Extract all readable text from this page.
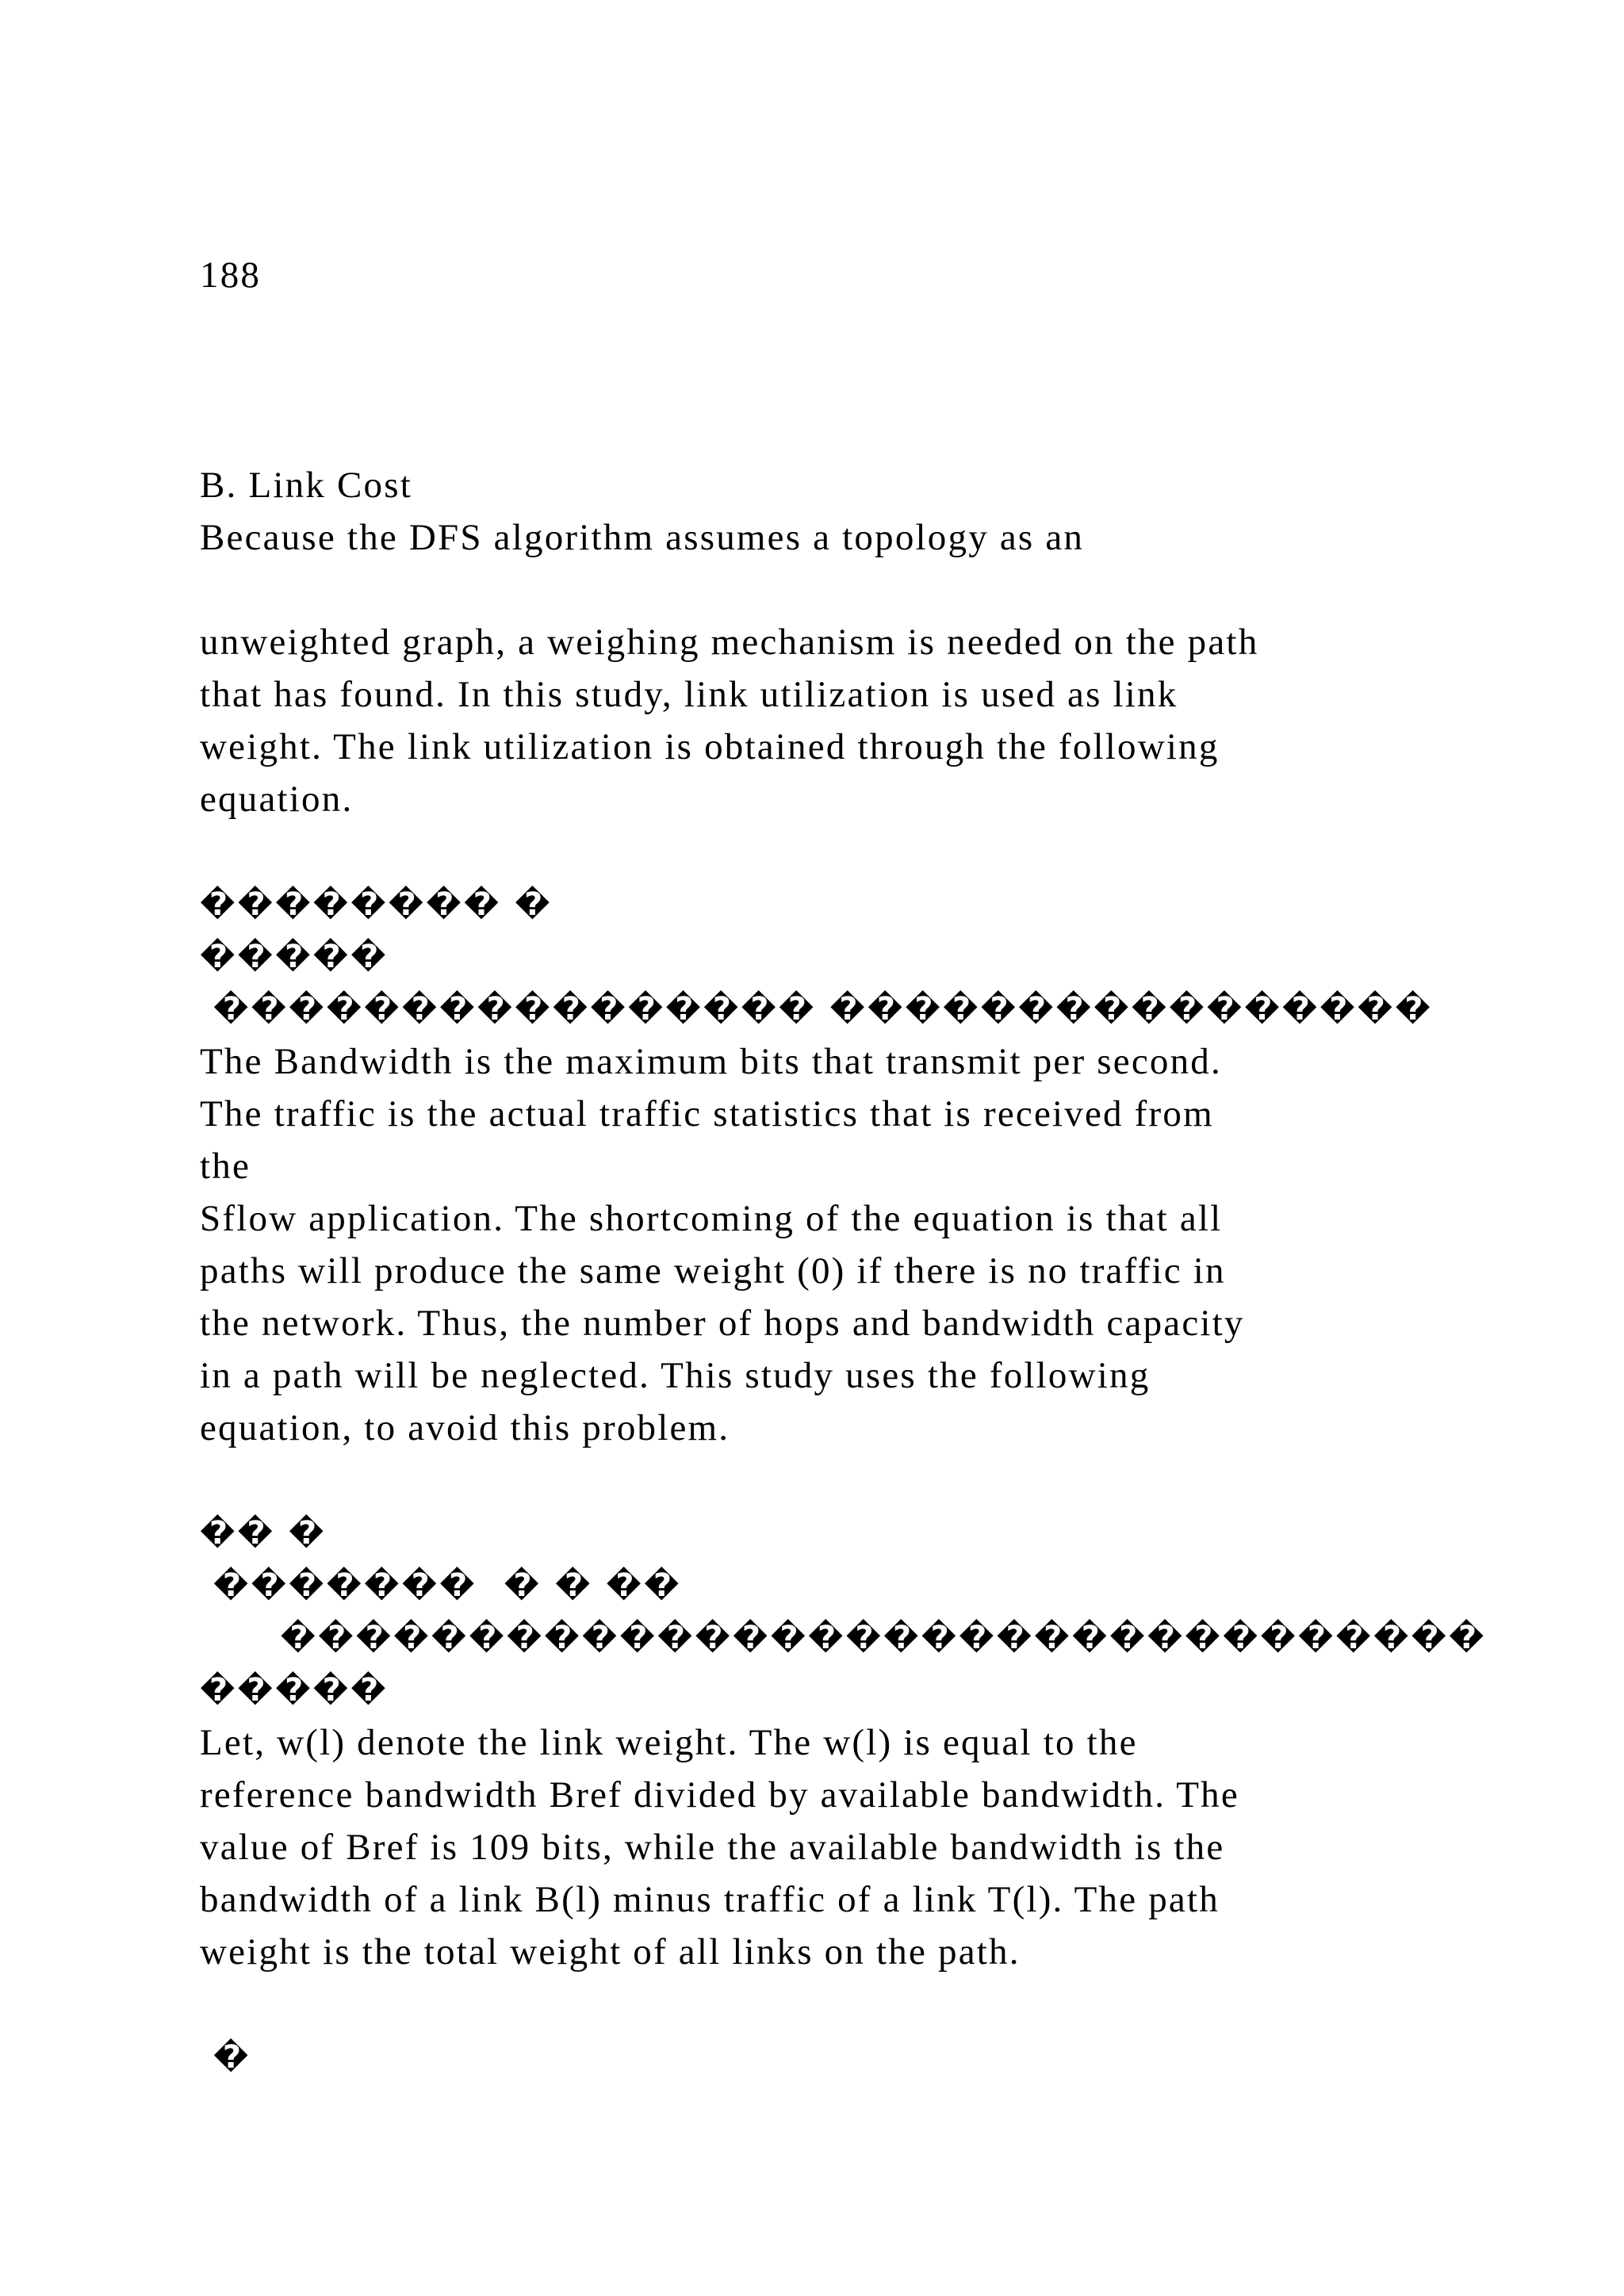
188
B. Link Cost
Because the DFS algorithm assumes a topology as an
unweighted graph, a weighing mechanism is needed on the path
that has found. In this study, link utilization is used as link
weight. The link utilization is obtained through the following
equation.
�������� �
�����
���������������� ����������������
The Bandwidth is the maximum bits that transmit per second.
The traffic is the actual traffic statistics that is received from
the
Sflow application. The shortcoming of the equation is that all
paths will produce the same weight (0) if there is no traffic in
the network. Thus, the number of hops and bandwidth capacity
in a path will be neglected. This study uses the following
equation, to avoid this problem.
�� �
�������  � � ��
��������������������������������
�����
Let, w(l) denote the link weight. The w(l) is equal to the
reference bandwidth Bref divided by available bandwidth. The
value of Bref is 109 bits, while the available bandwidth is the
bandwidth of a link B(l) minus traffic of a link T(l). The path
weight is the total weight of all links on the path.
�
